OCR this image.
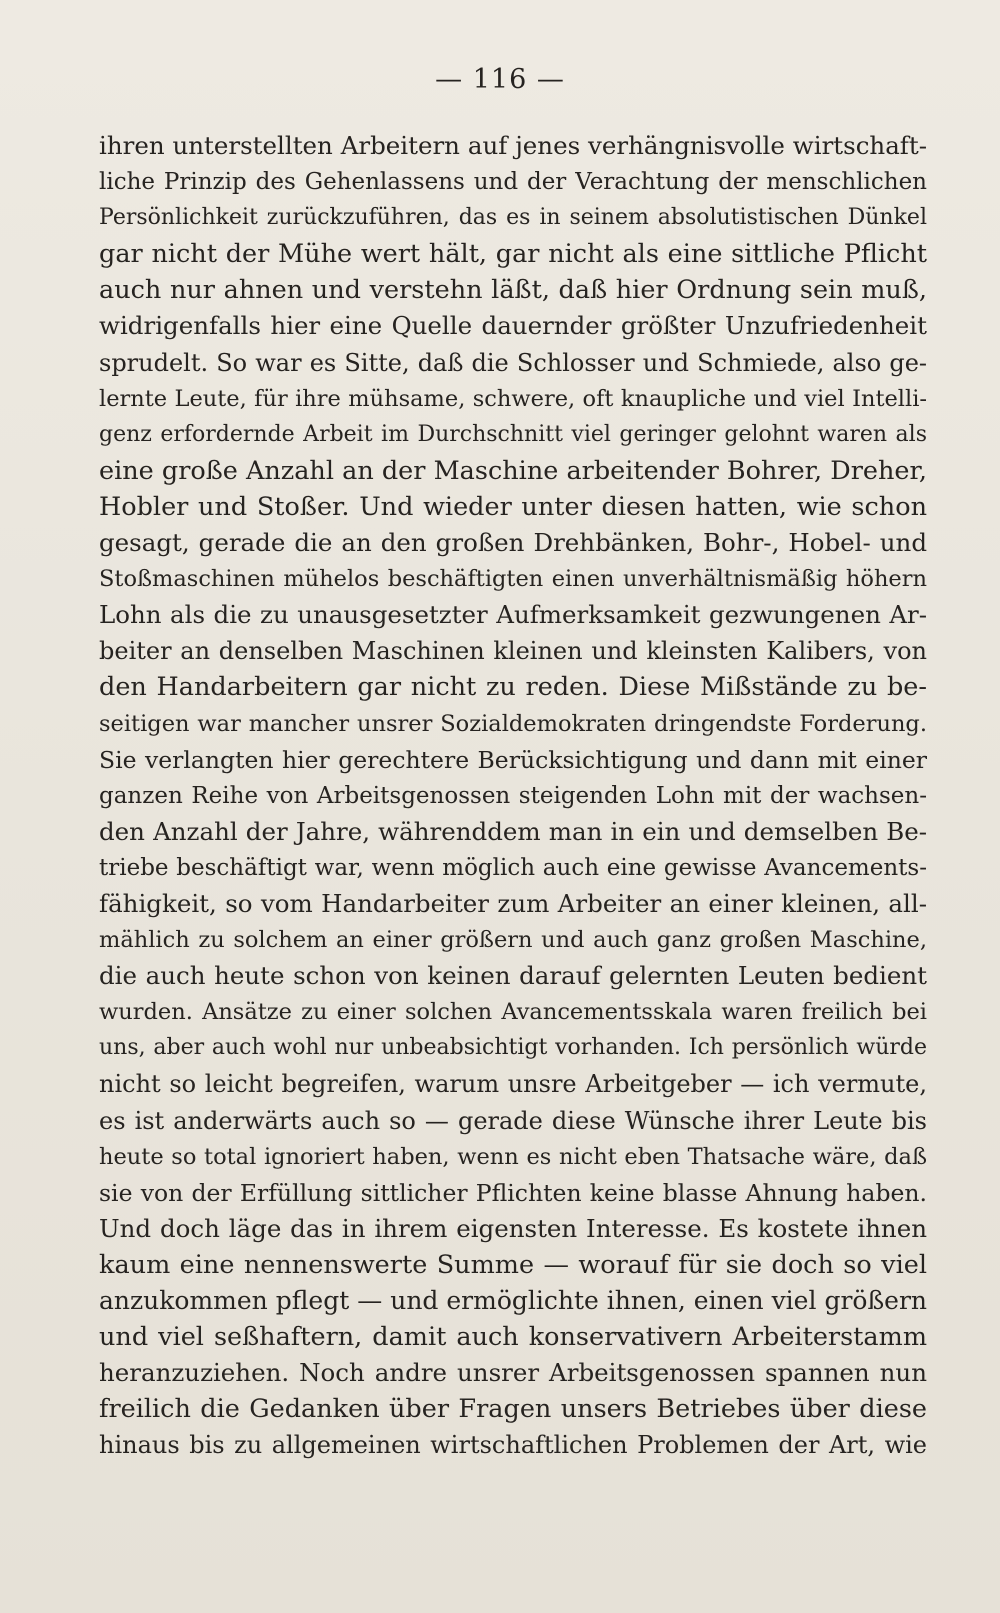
— 116 —
ihren unterstellten Arbeitern auf jenes verhängnisvolle wirtschaft-
liche Prinzip des Gehenlassens und der Verachtung der menschlichen
Persönlichkeit zurückzuführen, das es in seinem absolutistischen Dünkel
gar nicht der Mühe wert hält, gar nicht als eine sittliche Pflicht
auch nur ahnen und verstehn läßt, daß hier Ordnung sein muß,
widrigenfalls hier eine Quelle dauernder größter Unzufriedenheit
sprudelt. So war es Sitte, daß die Schlosser und Schmiede, also ge-
lernte Leute, für ihre mühsame, schwere, oft knaupliche und viel Intelli-
genz erfordernde Arbeit im Durchschnitt viel geringer gelohnt waren als
eine große Anzahl an der Maschine arbeitender Bohrer, Dreher,
Hobler und Stoßer. Und wieder unter diesen hatten, wie schon
gesagt, gerade die an den großen Drehbänken, Bohr-, Hobel- und
Stoßmaschinen mühelos beschäftigten einen unverhältnismäßig höhern
Lohn als die zu unausgesetzter Aufmerksamkeit gezwungenen Ar-
beiter an denselben Maschinen kleinen und kleinsten Kalibers, von
den Handarbeitern gar nicht zu reden. Diese Mißstände zu be-
seitigen war mancher unsrer Sozialdemokraten dringendste Forderung.
Sie verlangten hier gerechtere Berücksichtigung und dann mit einer
ganzen Reihe von Arbeitsgenossen steigenden Lohn mit der wachsen-
den Anzahl der Jahre, währenddem man in ein und demselben Be-
triebe beschäftigt war, wenn möglich auch eine gewisse Avancements-
fähigkeit, so vom Handarbeiter zum Arbeiter an einer kleinen, all-
mählich zu solchem an einer größern und auch ganz großen Maschine,
die auch heute schon von keinen darauf gelernten Leuten bedient
wurden. Ansätze zu einer solchen Avancementsskala waren freilich bei
uns, aber auch wohl nur unbeabsichtigt vorhanden. Ich persönlich würde
nicht so leicht begreifen, warum unsre Arbeitgeber — ich vermute,
es ist anderwärts auch so — gerade diese Wünsche ihrer Leute bis
heute so total ignoriert haben, wenn es nicht eben Thatsache wäre, daß
sie von der Erfüllung sittlicher Pflichten keine blasse Ahnung haben.
Und doch läge das in ihrem eigensten Interesse. Es kostete ihnen
kaum eine nennenswerte Summe — worauf für sie doch so viel
anzukommen pflegt — und ermöglichte ihnen, einen viel größern
und viel seßhaftern, damit auch konservativern Arbeiterstamm
heranzuziehen. Noch andre unsrer Arbeitsgenossen spannen nun
freilich die Gedanken über Fragen unsers Betriebes über diese
hinaus bis zu allgemeinen wirtschaftlichen Problemen der Art, wie
